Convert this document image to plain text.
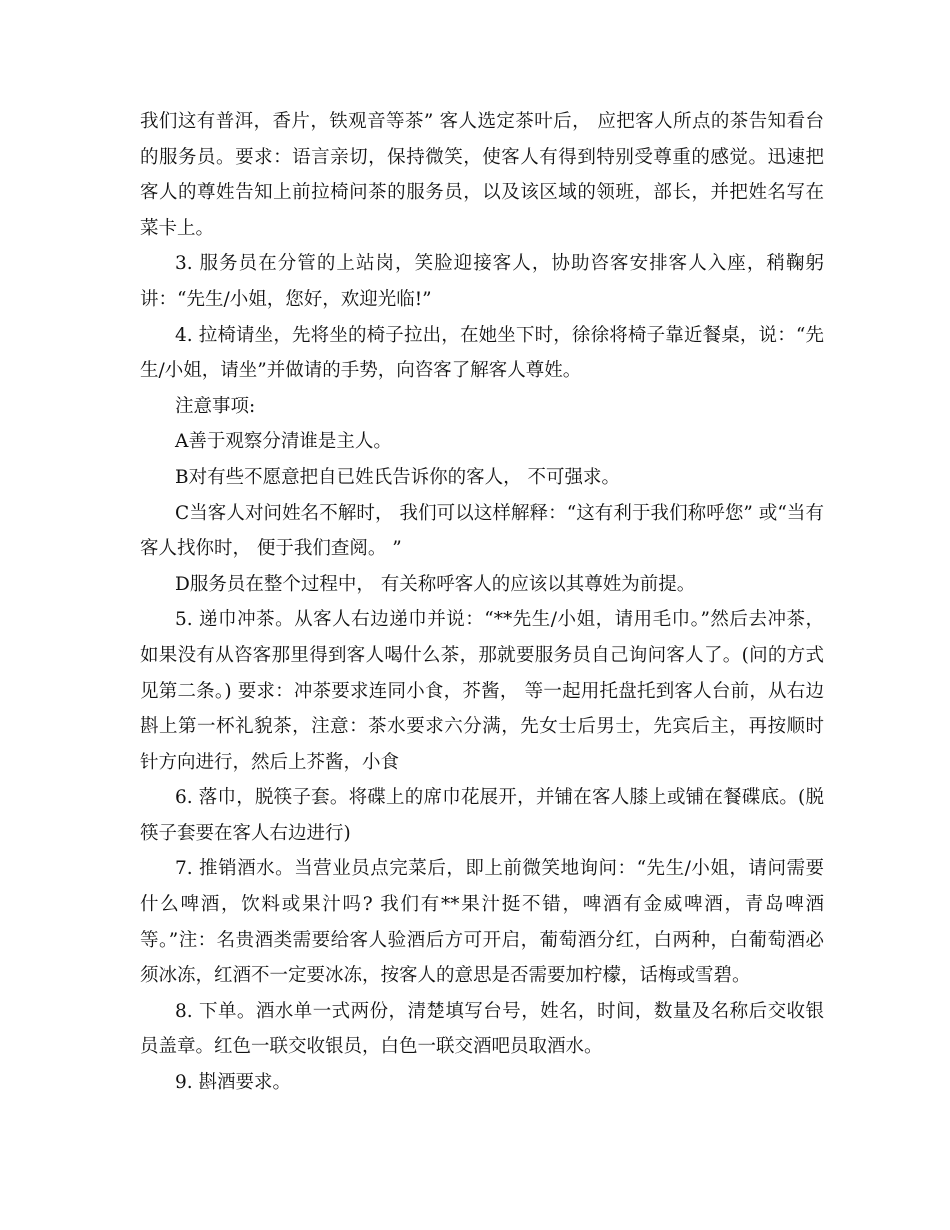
我们这有普洱，香片，铁观音等茶” 客人选定茶叶后， 应把客人所点的茶告知看台的服务员。要求：语言亲切，保持微笑，使客人有得到特别受尊重的感觉。迅速把客人的尊姓告知上前拉椅问茶的服务员，以及该区域的领班，部长，并把姓名写在菜卡上。

3. 服务员在分管的上站岗，笑脸迎接客人，协助咨客安排客人入座，稍鞠躬讲：“先生/小姐，您好，欢迎光临!”

4. 拉椅请坐，先将坐的椅子拉出，在她坐下时，徐徐将椅子靠近餐桌，说：“先生/小姐，请坐”并做请的手势，向咨客了解客人尊姓。

注意事项:

A善于观察分清谁是主人。

B对有些不愿意把自已姓氏告诉你的客人， 不可强求。

C当客人对问姓名不解时， 我们可以这样解释：“这有利于我们称呼您” 或“当有客人找你时， 便于我们查阅。 ”

D服务员在整个过程中， 有关称呼客人的应该以其尊姓为前提。

5. 递巾冲茶。从客人右边递巾并说：“**先生/小姐，请用毛巾。”然后去冲茶，如果没有从咨客那里得到客人喝什么茶，那就要服务员自己询问客人了。(问的方式见第二条。) 要求：冲茶要求连同小食，芥酱， 等一起用托盘托到客人台前，从右边斟上第一杯礼貌茶，注意：茶水要求六分满，先女士后男士，先宾后主，再按顺时针方向进行，然后上芥酱，小食

6. 落巾，脱筷子套。将碟上的席巾花展开，并铺在客人膝上或铺在餐碟底。(脱筷子套要在客人右边进行)

7. 推销酒水。当营业员点完菜后，即上前微笑地询问：“先生/小姐，请问需要什么啤酒，饮料或果汁吗? 我们有**果汁挺不错，啤酒有金威啤酒，青岛啤酒等。”注：名贵酒类需要给客人验酒后方可开启，葡萄酒分红，白两种，白葡萄酒必须冰冻，红酒不一定要冰冻，按客人的意思是否需要加柠檬，话梅或雪碧。

8. 下单。酒水单一式两份，清楚填写台号，姓名，时间，数量及名称后交收银员盖章。红色一联交收银员，白色一联交酒吧员取酒水。

9. 斟酒要求。
